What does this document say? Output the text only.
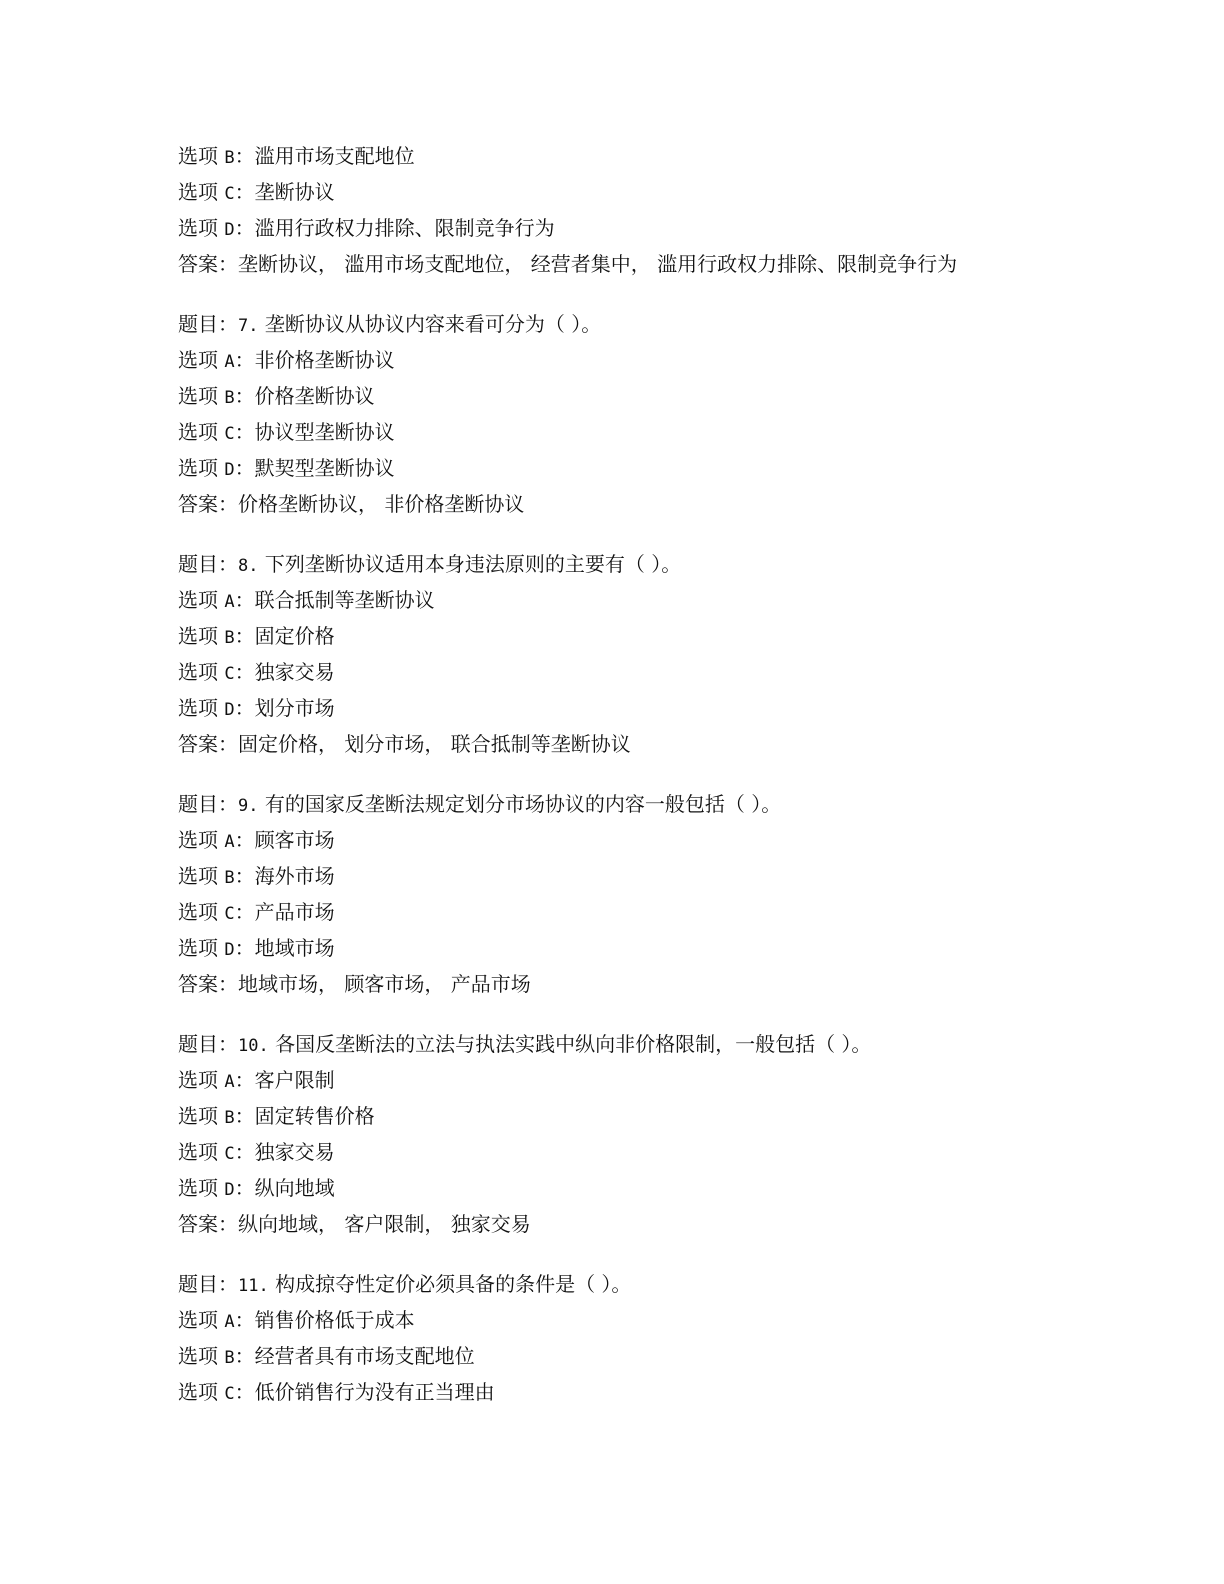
选项 B：滥用市场支配地位
选项 C：垄断协议
选项 D：滥用行政权力排除、限制竞争行为
答案：垄断协议， 滥用市场支配地位， 经营者集中， 滥用行政权力排除、限制竞争行为
题目：7. 垄断协议从协议内容来看可分为（ ）。
选项 A：非价格垄断协议
选项 B：价格垄断协议
选项 C：协议型垄断协议
选项 D：默契型垄断协议
答案：价格垄断协议， 非价格垄断协议
题目：8. 下列垄断协议适用本身违法原则的主要有（ ）。
选项 A：联合抵制等垄断协议
选项 B：固定价格
选项 C：独家交易
选项 D：划分市场
答案：固定价格， 划分市场， 联合抵制等垄断协议
题目：9. 有的国家反垄断法规定划分市场协议的内容一般包括（ ）。
选项 A：顾客市场
选项 B：海外市场
选项 C：产品市场
选项 D：地域市场
答案：地域市场， 顾客市场， 产品市场
题目：10. 各国反垄断法的立法与执法实践中纵向非价格限制，一般包括（ ）。
选项 A：客户限制
选项 B：固定转售价格
选项 C：独家交易
选项 D：纵向地域
答案：纵向地域， 客户限制， 独家交易
题目：11. 构成掠夺性定价必须具备的条件是（ ）。
选项 A：销售价格低于成本
选项 B：经营者具有市场支配地位
选项 C：低价销售行为没有正当理由
